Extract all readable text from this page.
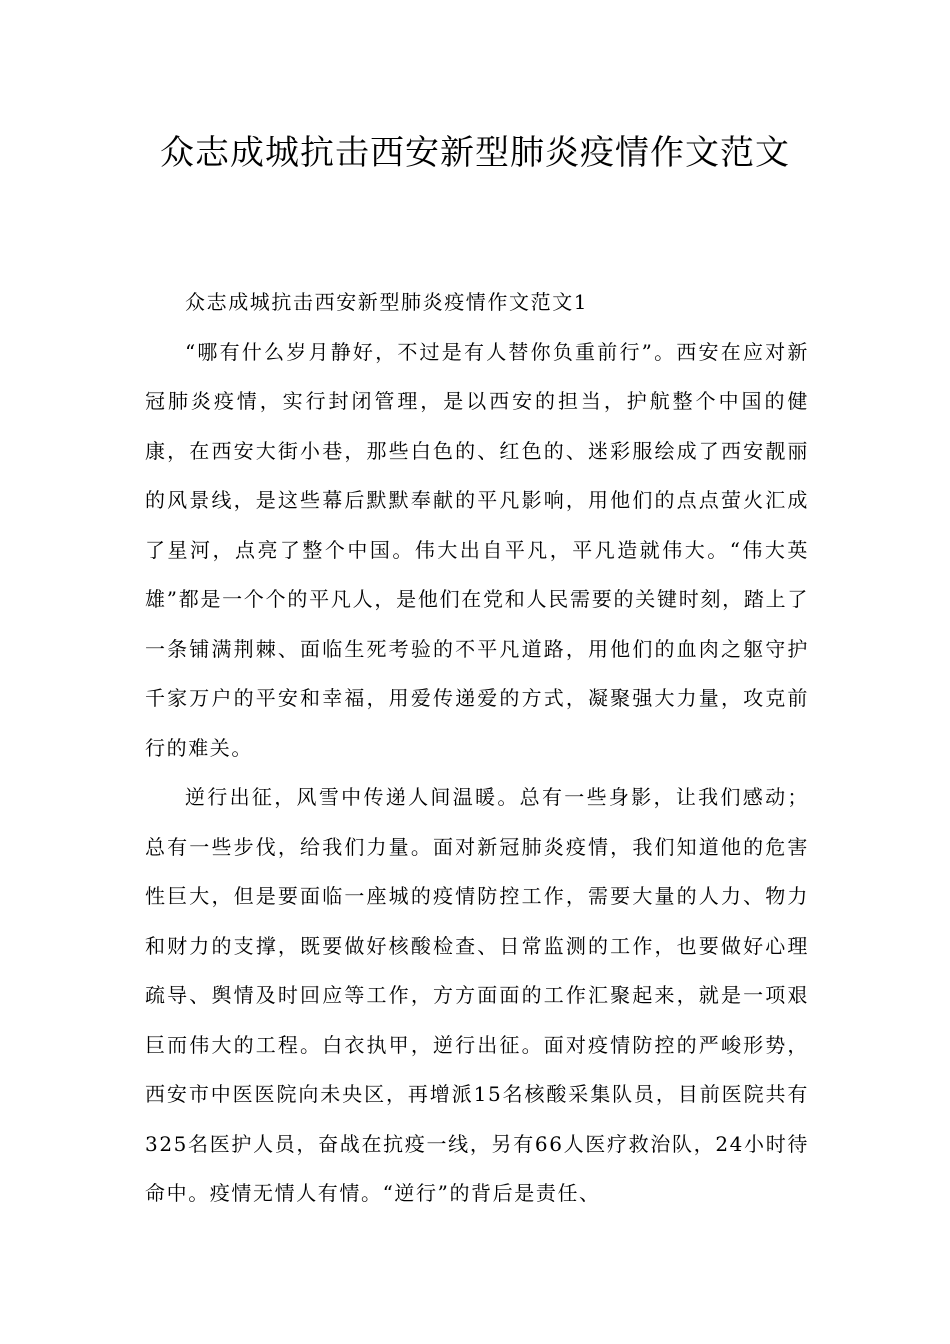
众志成城抗击西安新型肺炎疫情作文范文

众志成城抗击西安新型肺炎疫情作文范文1

“哪有什么岁月静好，不过是有人替你负重前行”。西安在应对新冠肺炎疫情，实行封闭管理，是以西安的担当，护航整个中国的健康，在西安大街小巷，那些白色的、红色的、迷彩服绘成了西安靓丽的风景线，是这些幕后默默奉献的平凡影响，用他们的点点萤火汇成了星河，点亮了整个中国。伟大出自平凡，平凡造就伟大。“伟大英雄”都是一个个的平凡人，是他们在党和人民需要的关键时刻，踏上了一条铺满荆棘、面临生死考验的不平凡道路，用他们的血肉之躯守护千家万户的平安和幸福，用爱传递爱的方式，凝聚强大力量，攻克前行的难关。

逆行出征，风雪中传递人间温暖。总有一些身影，让我们感动；总有一些步伐，给我们力量。面对新冠肺炎疫情，我们知道他的危害性巨大，但是要面临一座城的疫情防控工作，需要大量的人力、物力和财力的支撑，既要做好核酸检查、日常监测的工作，也要做好心理疏导、舆情及时回应等工作，方方面面的工作汇聚起来，就是一项艰巨而伟大的工程。白衣执甲，逆行出征。面对疫情防控的严峻形势，西安市中医医院向未央区，再增派15名核酸采集队员，目前医院共有325名医护人员，奋战在抗疫一线，另有66人医疗救治队，24小时待命中。疫情无情人有情。“逆行”的背后是责任、
